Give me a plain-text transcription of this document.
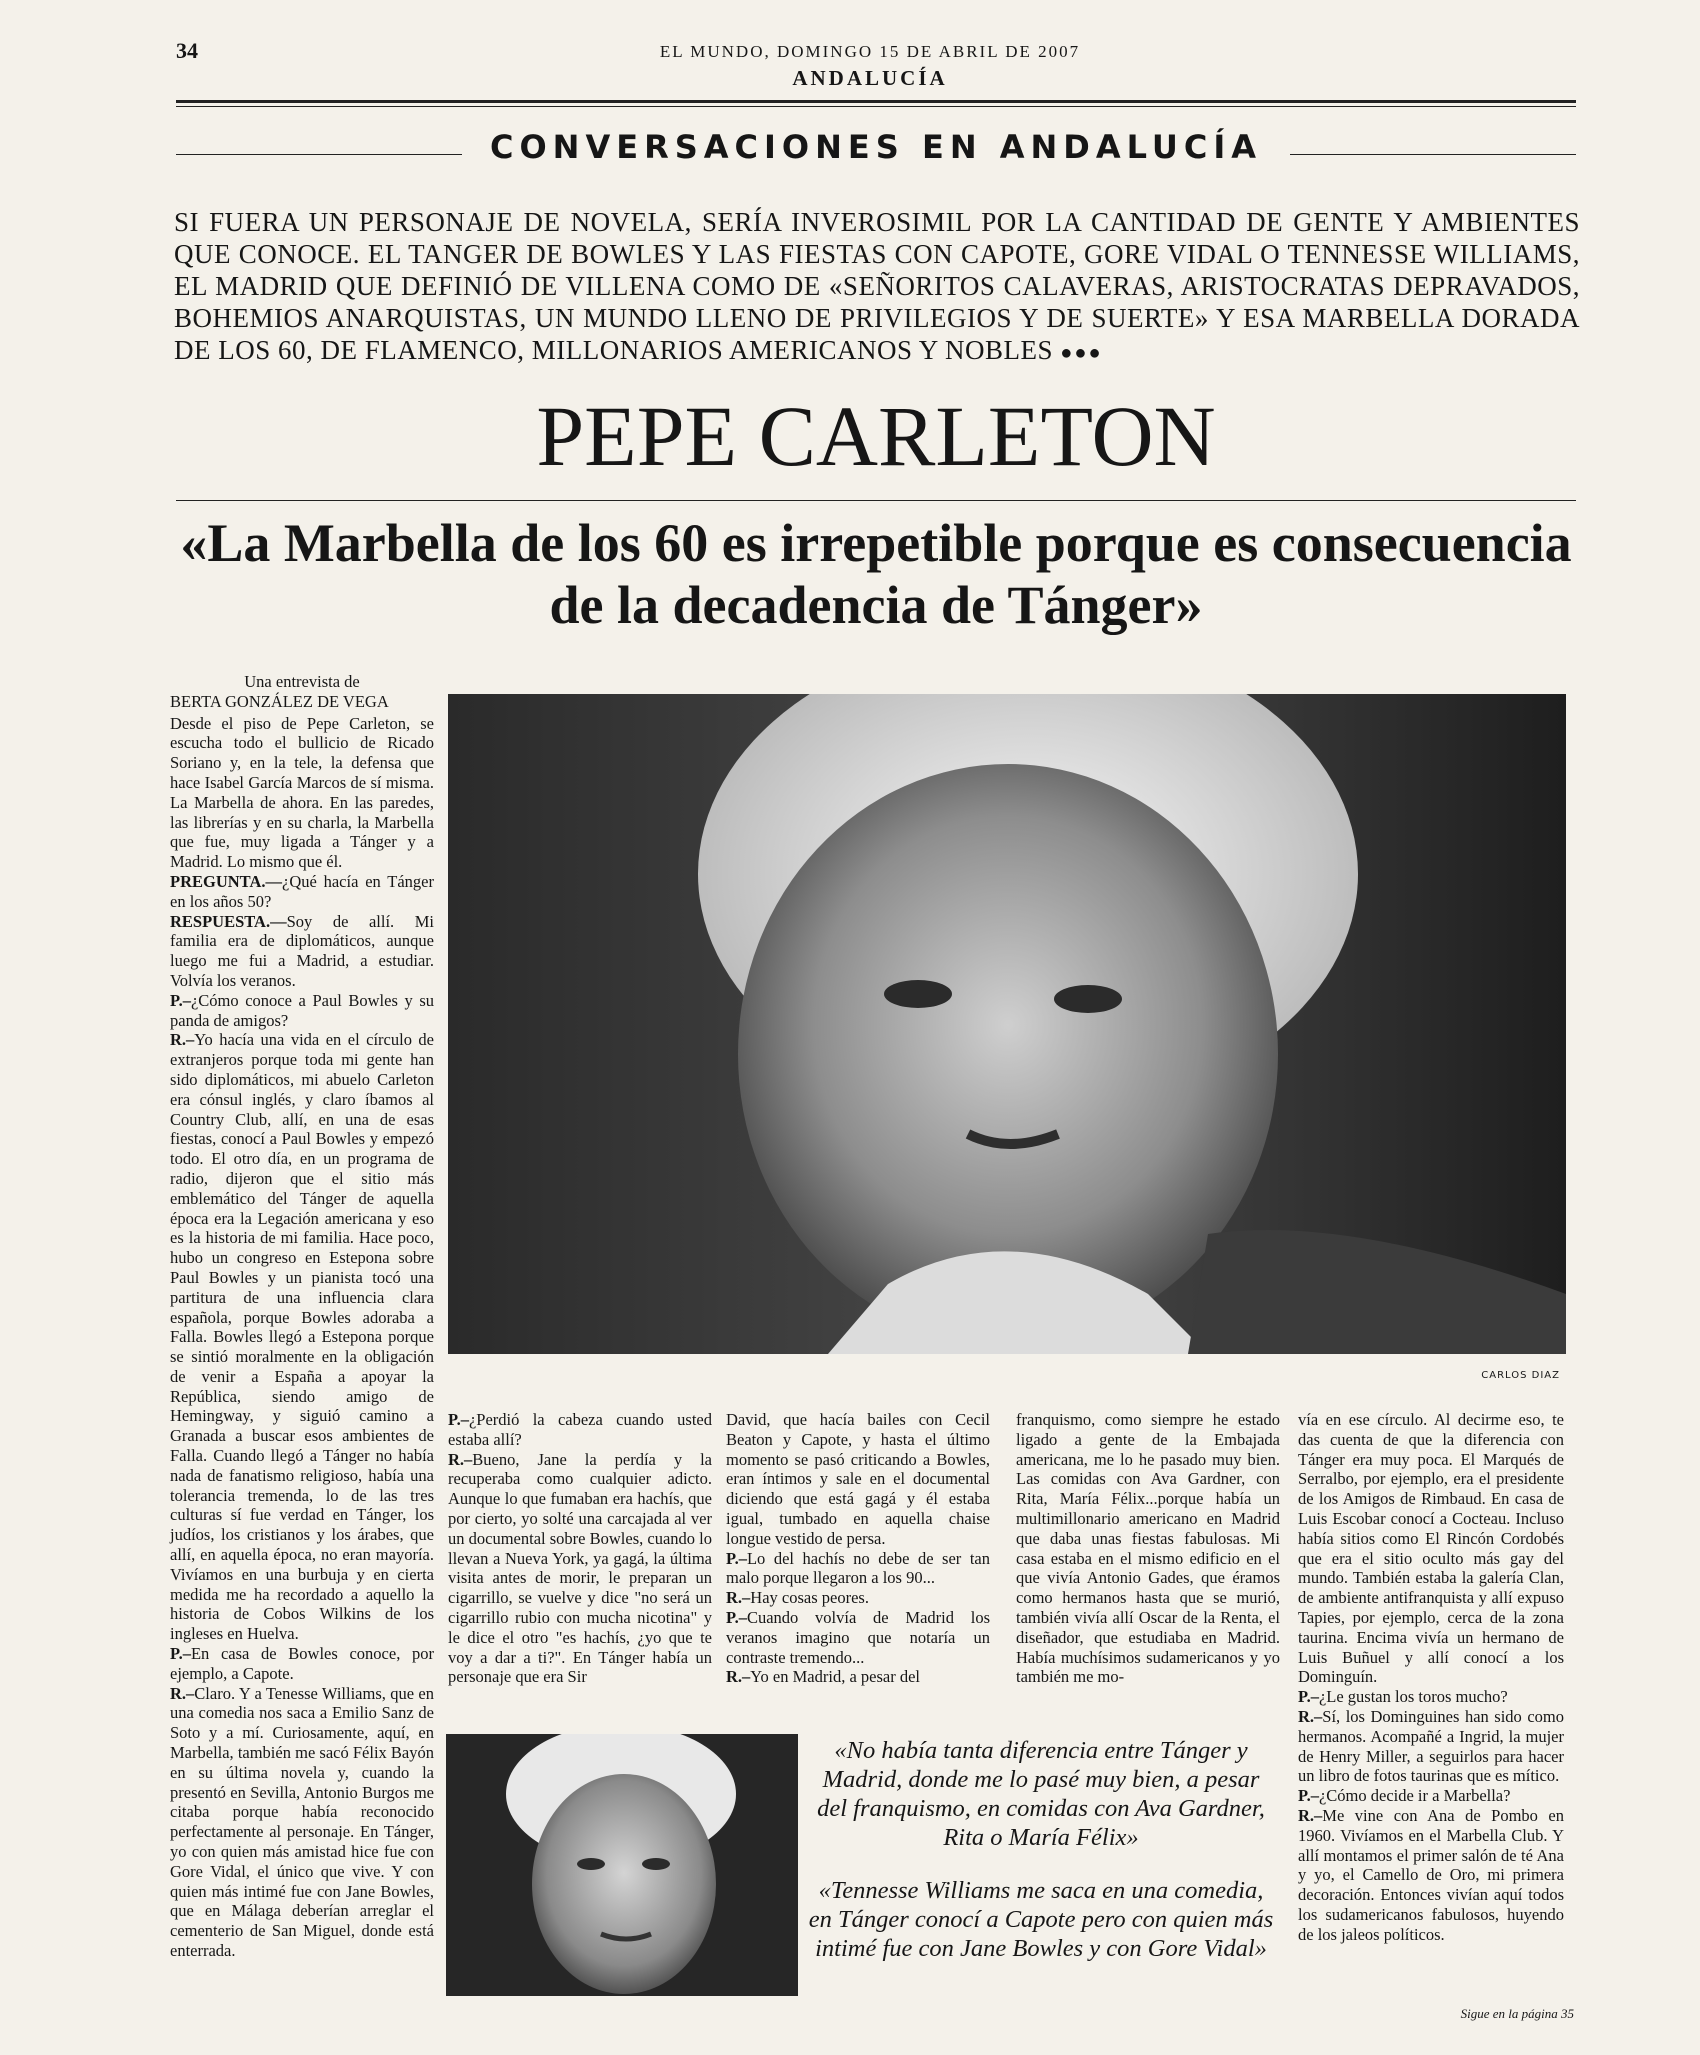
34	EL MUNDO, DOMINGO 15 DE ABRIL DE 2007
ANDALUCÍA
CONVERSACIONES EN ANDALUCÍA
SI FUERA UN PERSONAJE DE NOVELA, SERÍA INVEROSIMIL POR LA CANTIDAD DE GENTE Y AMBIENTES QUE CONOCE. EL TANGER DE BOWLES Y LAS FIESTAS CON CAPOTE, GORE VIDAL O TENNESSE WILLIAMS, EL MADRID QUE DEFINIÓ DE VILLENA COMO DE «SEÑORITOS CALAVERAS, ARISTOCRATAS DEPRAVADOS, BOHEMIOS ANARQUISTAS, UN MUNDO LLENO DE PRIVILEGIOS Y DE SUERTE» Y ESA MARBELLA DORADA DE LOS 60, DE FLAMENCO, MILLONARIOS AMERICANOS Y NOBLES ●●●
PEPE CARLETON
«La Marbella de los 60 es irrepetible porque es consecuencia de la decadencia de Tánger»

Una entrevista de

BERTA GONZÁLEZ DE VEGA

Desde el piso de Pepe Carleton, se escucha todo el bullicio de Ricado Soriano y, en la tele, la defensa que hace Isabel García Marcos de sí misma. La Marbella de ahora. En las paredes, las librerías y en su charla, la Marbella que fue, muy ligada a Tánger y a Madrid. Lo mismo que él.

PREGUNTA.—¿Qué hacía en Tánger en los años 50?

RESPUESTA.—Soy de allí. Mi familia era de diplomáticos, aunque luego me fui a Madrid, a estudiar. Volvía los veranos.

P.–¿Cómo conoce a Paul Bowles y su panda de amigos?

R.–Yo hacía una vida en el círculo de extranjeros porque toda mi gente han sido diplomáticos, mi abuelo Carleton era cónsul inglés, y claro íbamos al Country Club, allí, en una de esas fiestas, conocí a Paul Bowles y empezó todo. El otro día, en un programa de radio, dijeron que el sitio más emblemático del Tánger de aquella época era la Legación americana y eso es la historia de mi familia. Hace poco, hubo un congreso en Estepona sobre Paul Bowles y un pianista tocó una partitura de una influencia clara española, porque Bowles adoraba a Falla. Bowles llegó a Estepona porque se sintió moralmente en la obligación de venir a España a apoyar la República, siendo amigo de Hemingway, y siguió camino a Granada a buscar esos ambientes de Falla. Cuando llegó a Tánger no había nada de fanatismo religioso, había una tolerancia tremenda, lo de las tres culturas sí fue verdad en Tánger, los judíos, los cristianos y los árabes, que allí, en aquella época, no eran mayoría. Vivíamos en una burbuja y en cierta medida me ha recordado a aquello la historia de Cobos Wilkins de los ingleses en Huelva.

P.–En casa de Bowles conoce, por ejemplo, a Capote.

R.–Claro. Y a Tenesse Williams, que en una comedia nos saca a Emilio Sanz de Soto y a mí. Curiosamente, aquí, en Marbella, también me sacó Félix Bayón en su última novela y, cuando la presentó en Sevilla, Antonio Burgos me citaba porque había reconocido perfectamente al personaje. En Tánger, yo con quien más amistad hice fue con Gore Vidal, el único que vive. Y con quien más intimé fue con Jane Bowles, que en Málaga deberían arreglar el cementerio de San Miguel, donde está enterrada.

CARLOS DIAZ

P.–¿Perdió la cabeza cuando usted estaba allí?

R.–Bueno, Jane la perdía y la recuperaba como cualquier adicto. Aunque lo que fumaban era hachís, que por cierto, yo solté una carcajada al ver un documental sobre Bowles, cuando lo llevan a Nueva York, ya gagá, la última visita antes de morir, le preparan un cigarrillo, se vuelve y dice "no será un cigarrillo rubio con mucha nicotina" y le dice el otro "es hachís, ¿yo que te voy a dar a ti?". En Tánger había un personaje que era Sir

David, que hacía bailes con Cecil Beaton y Capote, y hasta el último momento se pasó criticando a Bowles, eran íntimos y sale en el documental diciendo que está gagá y él estaba igual, tumbado en aquella chaise longue vestido de persa.

P.–Lo del hachís no debe de ser tan malo porque llegaron a los 90...

R.–Hay cosas peores.

P.–Cuando volvía de Madrid los veranos imagino que notaría un contraste tremendo...

R.–Yo en Madrid, a pesar del

franquismo, como siempre he estado ligado a gente de la Embajada americana, me lo he pasado muy bien. Las comidas con Ava Gardner, con Rita, María Félix...porque había un multimillonario americano en Madrid que daba unas fiestas fabulosas. Mi casa estaba en el mismo edificio en el que vivía Antonio Gades, que éramos como hermanos hasta que se murió, también vivía allí Oscar de la Renta, el diseñador, que estudiaba en Madrid. Había muchísimos sudamericanos y yo también me mo-

vía en ese círculo. Al decirme eso, te das cuenta de que la diferencia con Tánger era muy poca. El Marqués de Serralbo, por ejemplo, era el presidente de los Amigos de Rimbaud. En casa de Luis Escobar conocí a Cocteau. Incluso había sitios como El Rincón Cordobés que era el sitio oculto más gay del mundo. También estaba la galería Clan, de ambiente antifranquista y allí expuso Tapies, por ejemplo, cerca de la zona taurina. Encima vivía un hermano de Luis Buñuel y allí conocí a los Dominguín.

P.–¿Le gustan los toros mucho?

R.–Sí, los Dominguines han sido como hermanos. Acompañé a Ingrid, la mujer de Henry Miller, a seguirlos para hacer un libro de fotos taurinas que es mítico.

P.–¿Cómo decide ir a Marbella?

R.–Me vine con Ana de Pombo en 1960. Vivíamos en el Marbella Club. Y allí montamos el primer salón de té Ana y yo, el Camello de Oro, mi primera decoración. Entonces vivían aquí todos los sudamericanos fabulosos, huyendo de los jaleos políticos.

«No había tanta diferencia entre Tánger y Madrid, donde me lo pasé muy bien, a pesar del franquismo, en comidas con Ava Gardner, Rita o María Félix»

«Tennesse Williams me saca en una comedia, en Tánger conocí a Capote pero con quien más intimé fue con Jane Bowles y con Gore Vidal»

Sigue en la página 35
